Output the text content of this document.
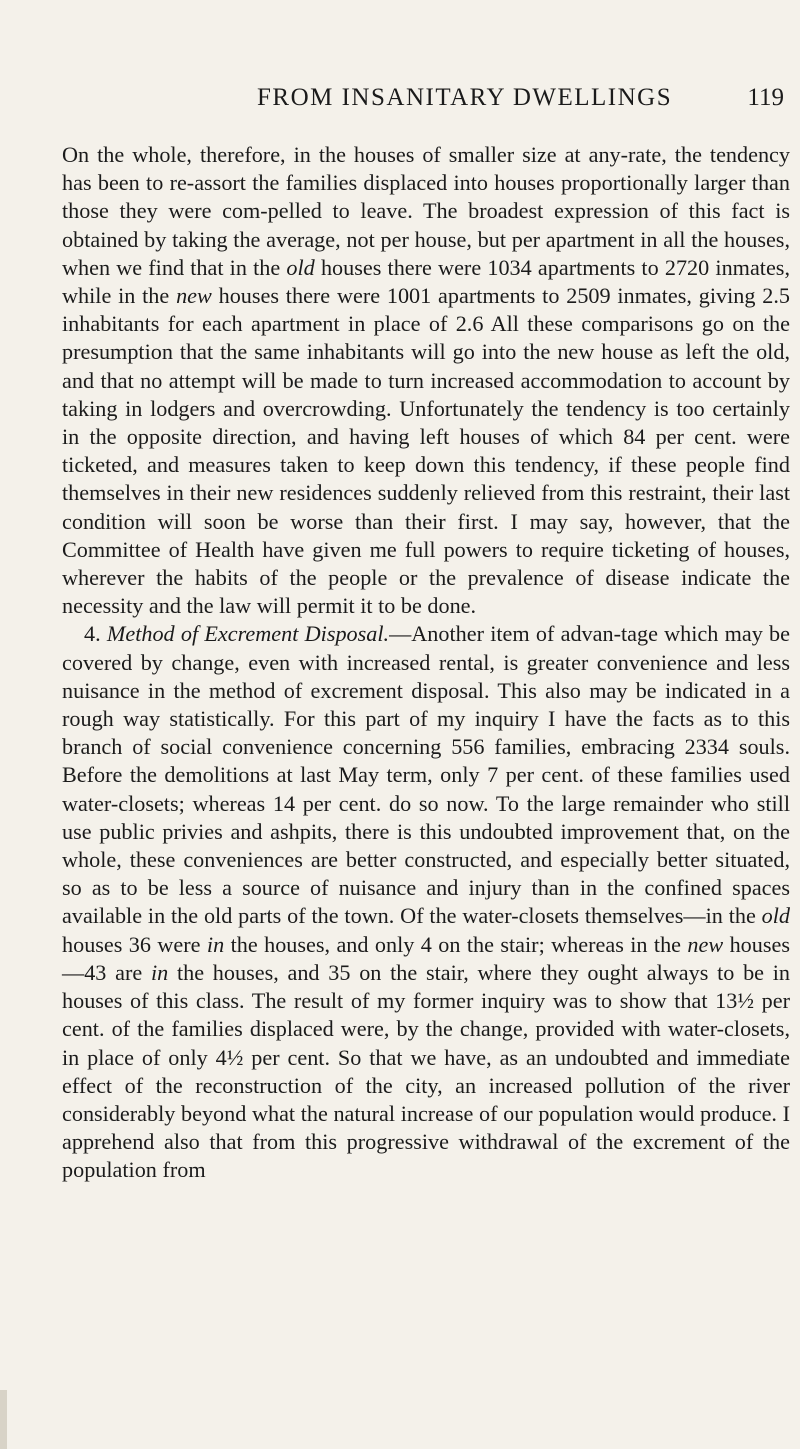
FROM INSANITARY DWELLINGS	119

On the whole, therefore, in the houses of smaller size at any-rate, the tendency has been to re-assort the families displaced into houses proportionally larger than those they were com-pelled to leave. The broadest expression of this fact is obtained by taking the average, not per house, but per apartment in all the houses, when we find that in the old houses there were 1034 apartments to 2720 inmates, while in the new houses there were 1001 apartments to 2509 inmates, giving 2.5 inhabitants for each apartment in place of 2.6 All these comparisons go on the presumption that the same inhabitants will go into the new house as left the old, and that no attempt will be made to turn increased accommodation to account by taking in lodgers and overcrowding. Unfortunately the tendency is too certainly in the opposite direction, and having left houses of which 84 per cent. were ticketed, and measures taken to keep down this tendency, if these people find themselves in their new residences suddenly relieved from this restraint, their last condition will soon be worse than their first. I may say, however, that the Committee of Health have given me full powers to require ticketing of houses, wherever the habits of the people or the prevalence of disease indicate the necessity and the law will permit it to be done.

4. Method of Excrement Disposal.—Another item of advan-tage which may be covered by change, even with increased rental, is greater convenience and less nuisance in the method of excrement disposal. This also may be indicated in a rough way statistically. For this part of my inquiry I have the facts as to this branch of social convenience concerning 556 families, embracing 2334 souls. Before the demolitions at last May term, only 7 per cent. of these families used water-closets; whereas 14 per cent. do so now. To the large remainder who still use public privies and ashpits, there is this undoubted improvement that, on the whole, these conveniences are better constructed, and especially better situated, so as to be less a source of nuisance and injury than in the confined spaces available in the old parts of the town. Of the water-closets themselves—in the old houses 36 were in the houses, and only 4 on the stair; whereas in the new houses—43 are in the houses, and 35 on the stair, where they ought always to be in houses of this class. The result of my former inquiry was to show that 13½ per cent. of the families displaced were, by the change, provided with water-closets, in place of only 4½ per cent. So that we have, as an undoubted and immediate effect of the reconstruction of the city, an increased pollution of the river considerably beyond what the natural increase of our population would produce. I apprehend also that from this progressive withdrawal of the excrement of the population from
